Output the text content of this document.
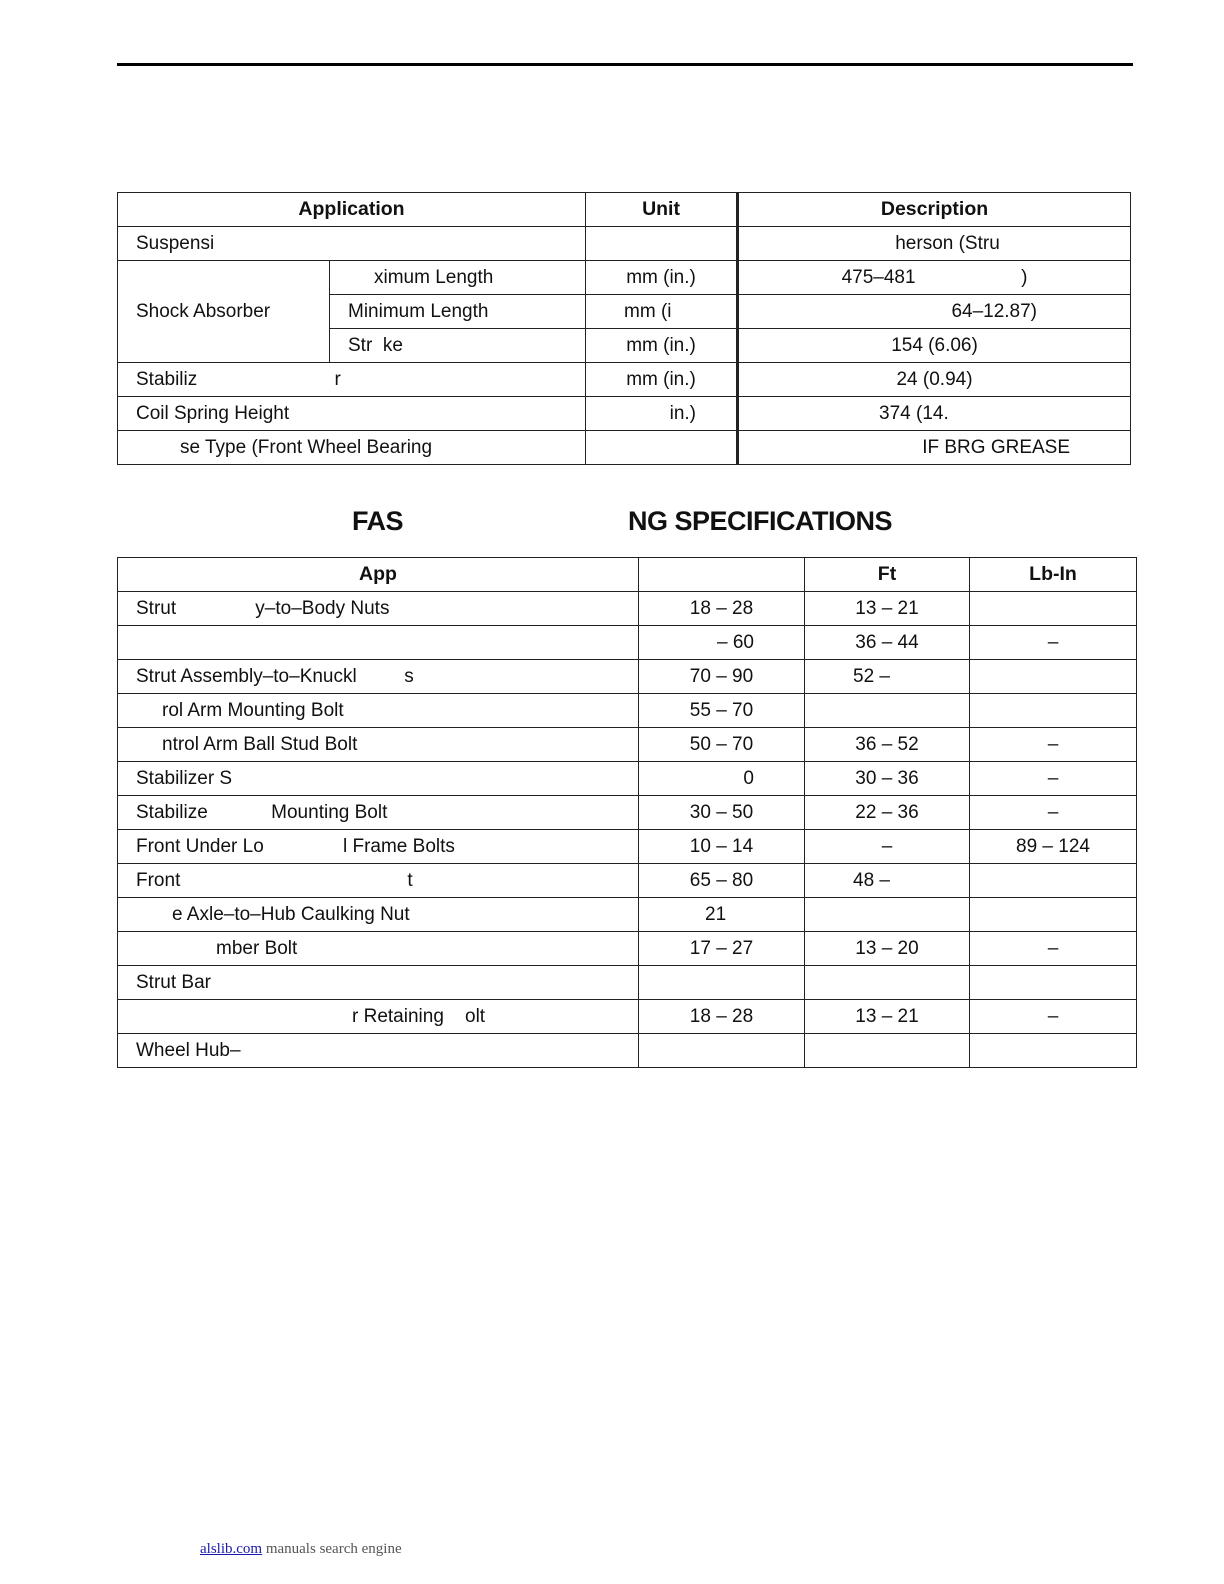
Application		Unit	Description
Suspensi			herson (Stru
Shock Absorber	ximum Length	mm (in.)	475–481                    )
	Minimum Length	mm (i	64–12.87)
	Str  ke	mm (in.)	154 (6.06)
Stabiliz                          r		mm (in.)	24 (0.94)
Coil Spring Height		in.)	374 (14.
se Type (Front Wheel Bearing			IF BRG GREASE
FAS	NG SPECIFICATIONS
App		Ft	Lb-In
Strut               y–to–Body Nuts	18 – 28	13 – 21	
	– 60	36 – 44	–
Strut Assembly–to–Knuckl         s	70 – 90	52 –	
rol Arm Mounting Bolt	55 – 70		
ntrol Arm Ball Stud Bolt	50 – 70	36 – 52	–
Stabilizer S	0	30 – 36	–
Stabilize            Mounting Bolt	30 – 50	22 – 36	–
Front Under Lo               l Frame Bolts	10 – 14	–	89 – 124
Front                                           t	65 – 80	48 –	
e Axle–to–Hub Caulking Nut	21		
mber Bolt	17 – 27	13 – 20	–
Strut Bar			
r Retaining    olt	18 – 28	13 – 21	–
Wheel Hub–			
alslib.com manuals search engine
